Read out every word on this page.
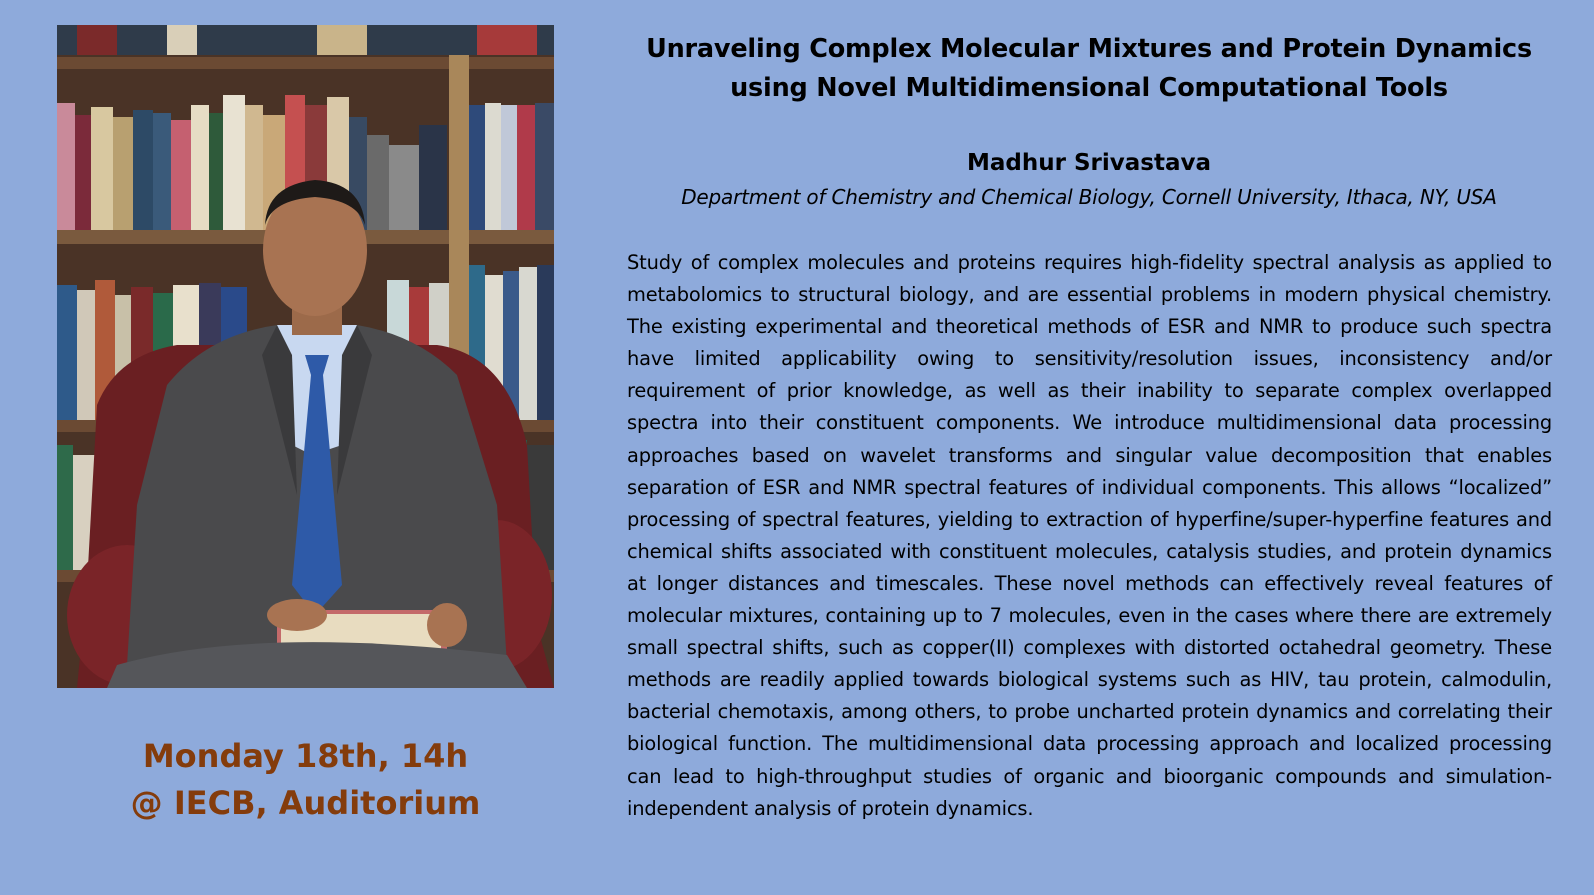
Monday 18th, 14h
@ IECB, Auditorium
Unraveling Complex Molecular Mixtures and Protein Dynamics
using Novel Multidimensional Computational Tools
Madhur Srivastava
Department of Chemistry and Chemical Biology, Cornell University, Ithaca, NY, USA
Study of complex molecules and proteins requires high-fidelity spectral analysis as applied to metabolomics to structural biology, and are essential problems in modern physical chemistry. The existing experimental and theoretical methods of ESR and NMR to produce such spectra have limited applicability owing to sensitivity/resolution issues, inconsistency and/or requirement of prior knowledge, as well as their inability to separate complex overlapped spectra into their constituent components. We introduce multidimensional data processing approaches based on wavelet transforms and singular value decomposition that enables separation of ESR and NMR spectral features of individual components. This allows “localized” processing of spectral features, yielding to extraction of hyperfine/super-hyperfine features and chemical shifts associated with constituent molecules, catalysis studies, and protein dynamics at longer distances and timescales. These novel methods can effectively reveal features of molecular mixtures, containing up to 7 molecules, even in the cases where there are extremely small spectral shifts, such as copper(II) complexes with distorted octahedral geometry. These methods are readily applied towards biological systems such as HIV, tau protein, calmodulin, bacterial chemotaxis, among others, to probe uncharted protein dynamics and correlating their biological function. The multidimensional data processing approach and localized processing can lead to high-throughput studies of organic and bioorganic compounds and simulation-independent analysis of protein dynamics.
